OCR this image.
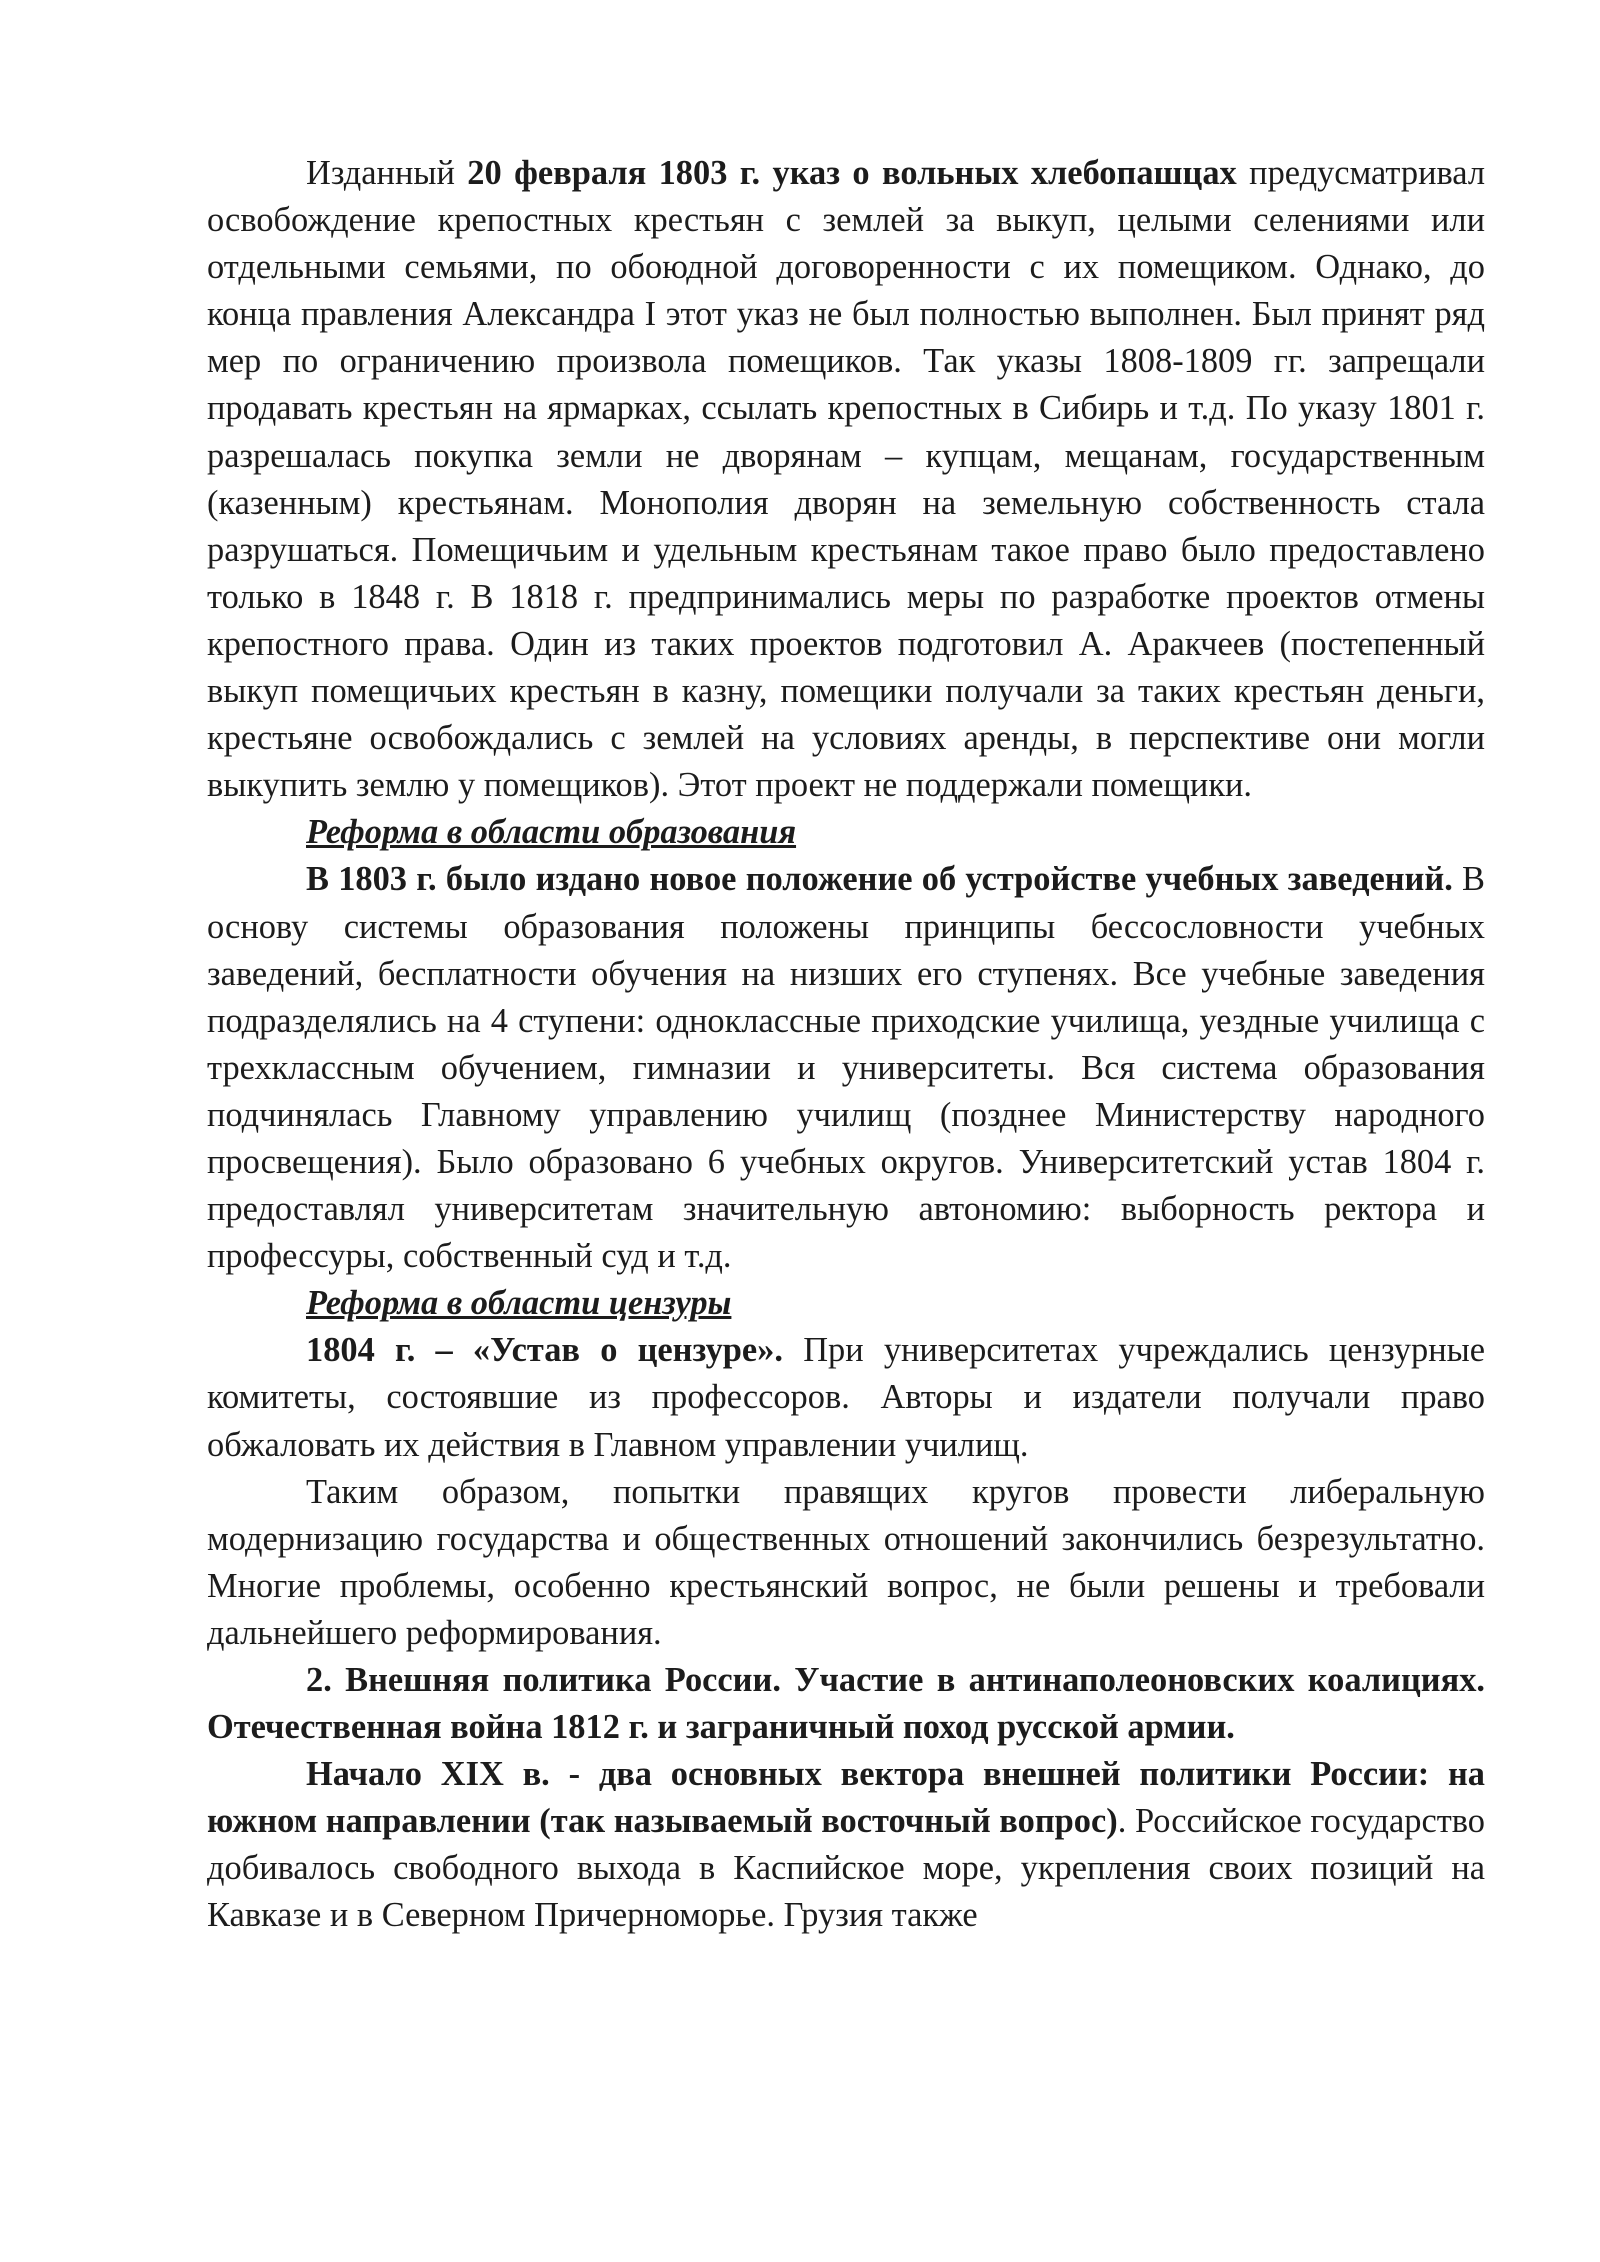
Изданный 20 февраля 1803 г. указ о вольных хлебопашцах предусматривал освобождение крепостных крестьян с землей за выкуп, целыми селениями или отдельными семьями, по обоюдной договоренности с их помещиком. Однако, до конца правления Александра I этот указ не был полностью выполнен. Был принят ряд мер по ограничению произвола помещиков. Так указы 1808-1809 гг. запрещали продавать крестьян на ярмарках, ссылать крепостных в Сибирь и т.д. По указу 1801 г. разрешалась покупка земли не дворянам – купцам, мещанам, государственным (казенным) крестьянам. Монополия дворян на земельную собственность стала разрушаться. Помещичьим и удельным крестьянам такое право было предоставлено только в 1848 г. В 1818 г. предпринимались меры по разработке проектов отмены крепостного права. Один из таких проектов подготовил А. Аракчеев (постепенный выкуп помещичьих крестьян в казну, помещики получали за таких крестьян деньги, крестьяне освобождались с землей на условиях аренды, в перспективе они могли выкупить землю у помещиков). Этот проект не поддержали помещики.

Реформа в области образования

В 1803 г. было издано новое положение об устройстве учебных заведений. В основу системы образования положены принципы бессословности учебных заведений, бесплатности обучения на низших его ступенях. Все учебные заведения подразделялись на 4 ступени: одноклассные приходские училища, уездные училища с трехклассным обучением, гимназии и университеты. Вся система образования подчинялась Главному управлению училищ (позднее Министерству народного просвещения). Было образовано 6 учебных округов. Университетский устав 1804 г. предоставлял университетам значительную автономию: выборность ректора и профессуры, собственный суд и т.д.

Реформа в области цензуры

1804 г. – «Устав о цензуре». При университетах учреждались цензурные комитеты, состоявшие из профессоров. Авторы и издатели получали право обжаловать их действия в Главном управлении училищ.

Таким образом, попытки правящих кругов провести либеральную модернизацию государства и общественных отношений закончились безрезультатно. Многие проблемы, особенно крестьянский вопрос, не были решены и требовали дальнейшего реформирования.

2. Внешняя политика России. Участие в антинаполеоновских коалициях. Отечественная война 1812 г. и заграничный поход русской армии.

Начало XIX в. - два основных вектора внешней политики России: на южном направлении (так называемый восточный вопрос). Российское государство добивалось свободного выхода в Каспийское море, укрепления своих позиций на Кавказе и в Северном Причерноморье. Грузия также
